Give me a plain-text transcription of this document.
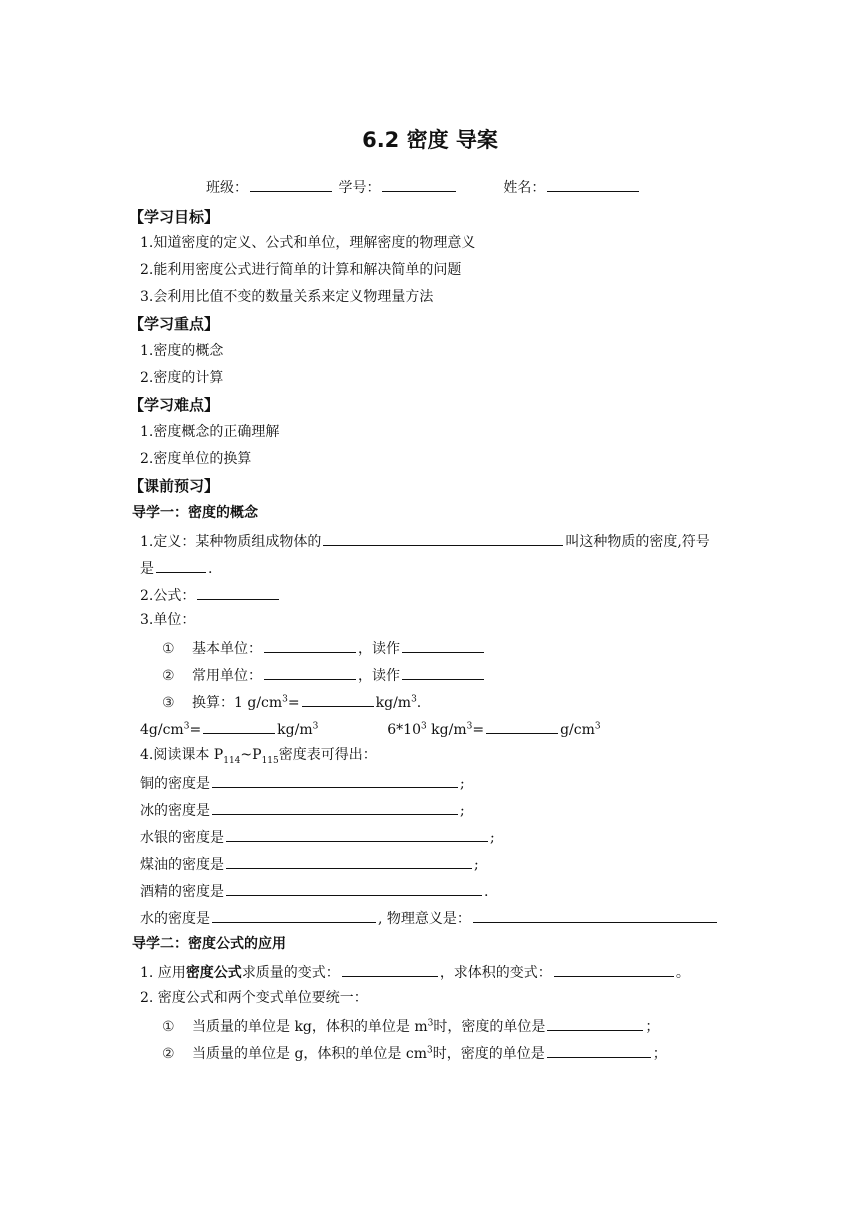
6.2 密度 导案
班级：	学号：	姓名：
【学习目标】
1.知道密度的定义、公式和单位，理解密度的物理意义
2.能利用密度公式进行简单的计算和解决简单的问题
3.会利用比值不变的数量关系来定义物理量方法
【学习重点】
1.密度的概念
2.密度的计算
【学习难点】
1.密度概念的正确理解
2.密度单位的换算
【课前预习】
导学一：密度的概念
1.定义：某种物质组成物体的	叫这种物质的密度,符号
是	.
2.公式：
3.单位：
① 基本单位：	，读作
② 常用单位：	，读作
③ 换算：1 $g/cm^3=$	$kg/m^3$.
$4g/cm^3=$	$kg/m^3$	$6*10^3$ $kg/m^3=$	$g/cm^3$
4.阅读课本 $P_{114}\sim P_{115}$密度表可得出：
铜的密度是	;
冰的密度是	;
水银的密度是	;
煤油的密度是	;
酒精的密度是	.
水的密度是	, 物理意义是：
导学二：密度公式的应用
1. 应用密度公式求质量的变式：	，求体积的变式：	。
2. 密度公式和两个变式单位要统一：
① 当质量的单位是 kg，体积的单位是 $m^3$时，密度的单位是	；
② 当质量的单位是 g，体积的单位是 $cm^3$时，密度的单位是	；
